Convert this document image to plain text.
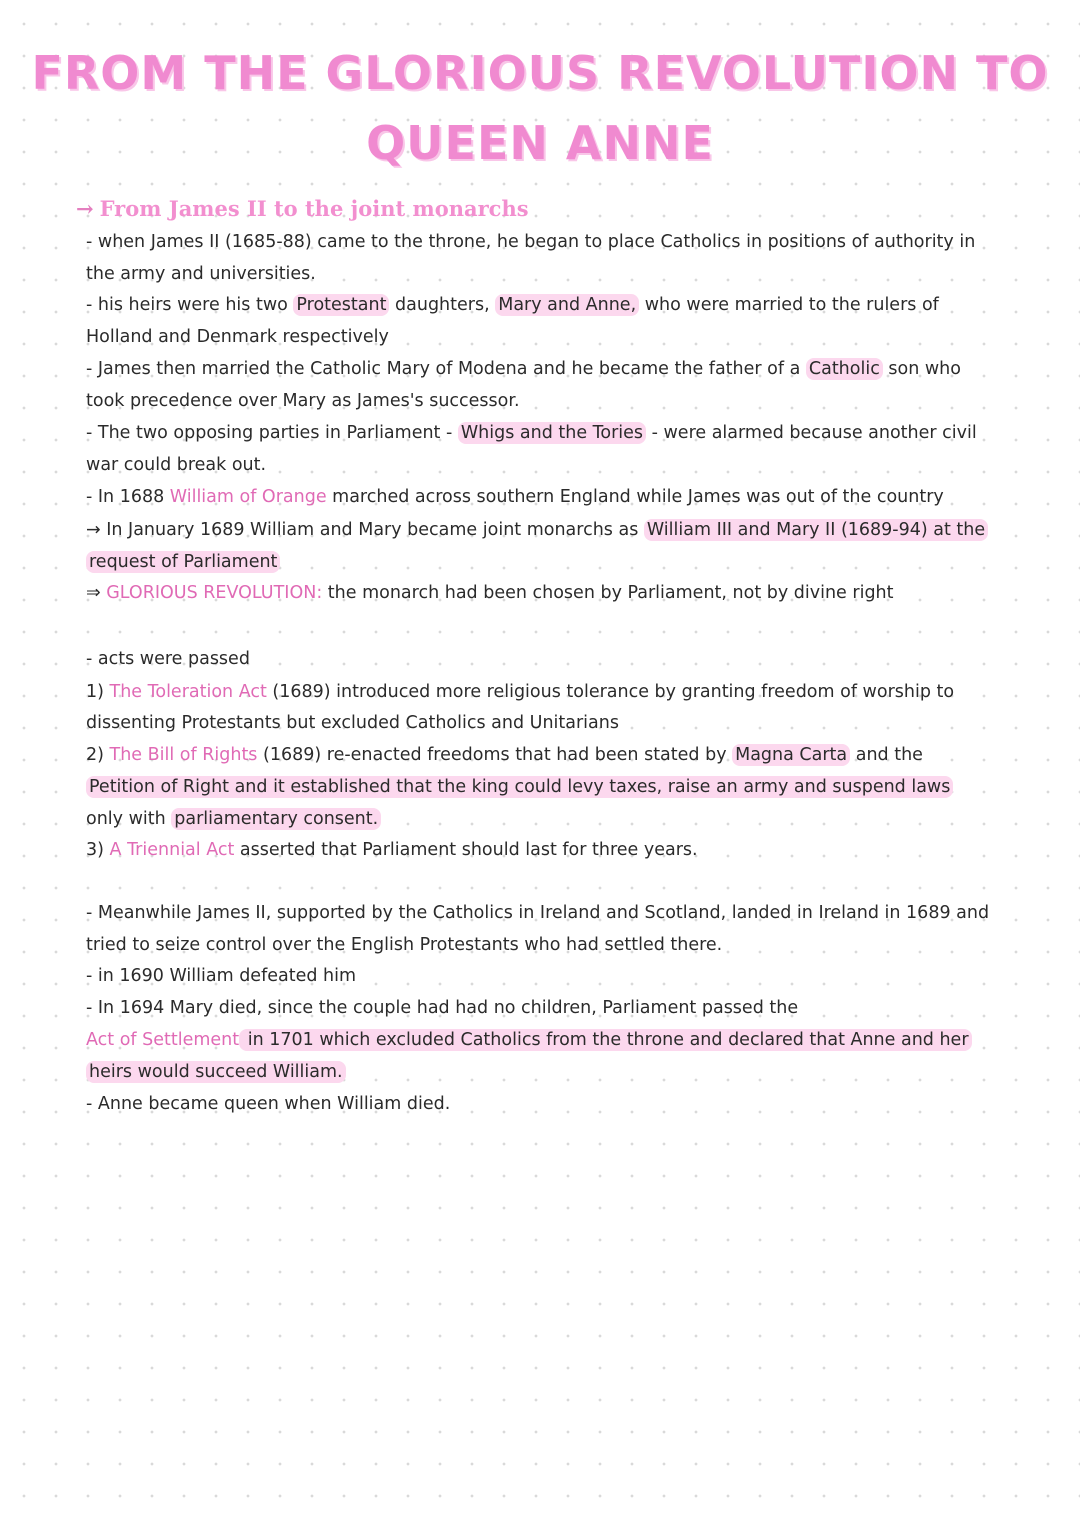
FROM THE GLORIOUS REVOLUTION TO
QUEEN ANNE
→ From James II to the joint monarchs
- when James II (1685-88) came to the throne, he began to place Catholics in positions of authority in
the army and universities.
- his heirs were his two Protestant daughters, Mary and Anne, who were married to the rulers of
Holland and Denmark respectively
- James then married the Catholic Mary of Modena and he became the father of a Catholic son who
took precedence over Mary as James's successor.
- The two opposing parties in Parliament - Whigs and the Tories - were alarmed because another civil
war could break out.
- In 1688 William of Orange marched across southern England while James was out of the country
→ In January 1689 William and Mary became joint monarchs as William III and Mary II (1689-94) at the
request of Parliament
⇒ GLORIOUS REVOLUTION: the monarch had been chosen by Parliament, not by divine right
- acts were passed
1) The Toleration Act (1689) introduced more religious tolerance by granting freedom of worship to
dissenting Protestants but excluded Catholics and Unitarians
2) The Bill of Rights (1689) re-enacted freedoms that had been stated by Magna Carta and the
Petition of Right and it established that the king could levy taxes, raise an army and suspend laws
only with parliamentary consent.
3) A Triennial Act asserted that Parliament should last for three years.
- Meanwhile James II, supported by the Catholics in Ireland and Scotland, landed in Ireland in 1689 and
tried to seize control over the English Protestants who had settled there.
- in 1690 William defeated him
- In 1694 Mary died, since the couple had had no children, Parliament passed the
Act of Settlement in 1701 which excluded Catholics from the throne and declared that Anne and her
heirs would succeed William.
- Anne became queen when William died.
